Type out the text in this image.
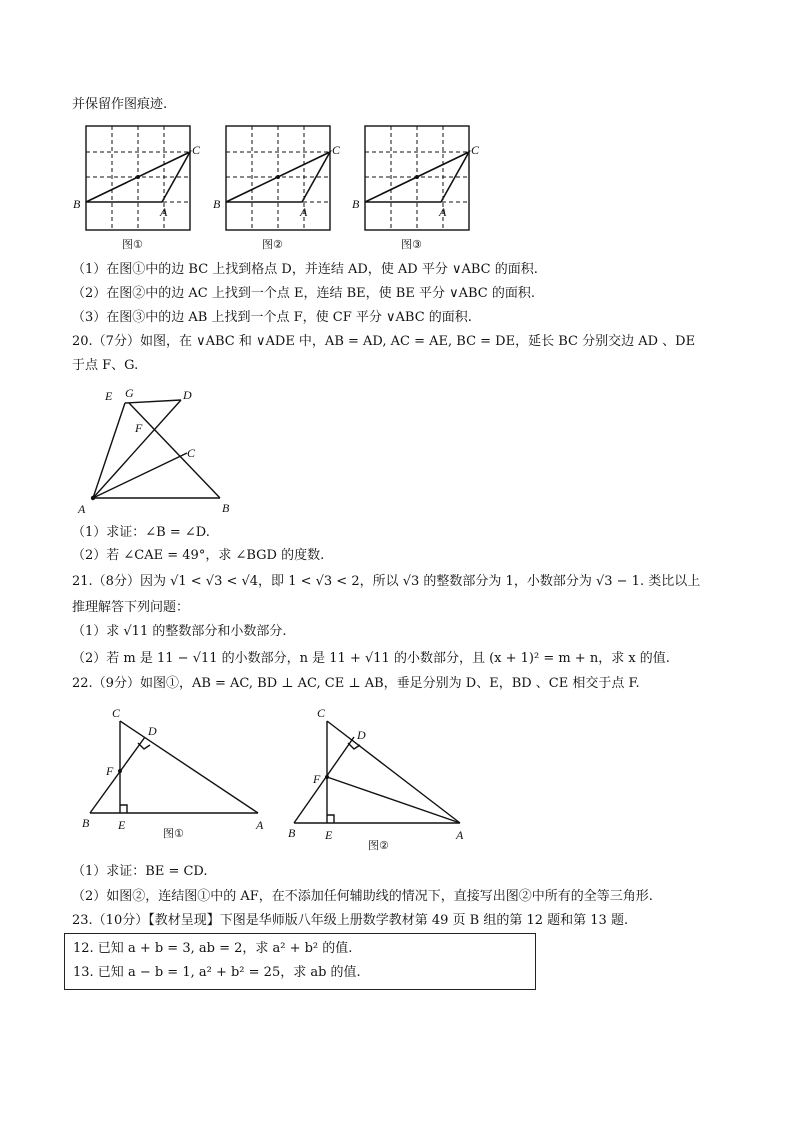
并保留作图痕迹.
B
A
C
图①
B
A
C
图②
B
A
C
图③
（1）在图①中的边 BC 上找到格点 D，并连结 AD，使 AD 平分 ∨ABC 的面积.
（2）在图②中的边 AC 上找到一个点 E，连结 BE，使 BE 平分 ∨ABC 的面积.
（3）在图③中的边 AB 上找到一个点 F，使 CF 平分 ∨ABC 的面积.
20.（7分）如图，在 ∨ABC 和 ∨ADE 中，AB = AD, AC = AE, BC = DE，延长 BC 分别交边 AD 、DE
于点 F、G.
E G	D
F
C
A	B
（1）求证：∠B = ∠D.
（2）若 ∠CAE = 49°，求 ∠BGD 的度数.
21.（8分）因为 √1 < √3 < √4，即 1 < √3 < 2，所以 √3 的整数部分为 1，小数部分为 √3 − 1. 类比以上
推理解答下列问题：
（1）求 √11 的整数部分和小数部分.
（2）若 m 是 11 − √11 的小数部分，n 是 11 + √11 的小数部分，且 (x + 1)² = m + n，求 x 的值.
22.（9分）如图①，AB = AC, BD ⊥ AC, CE ⊥ AB，垂足分别为 D、E，BD 、CE 相交于点 F.
C
D
F
B E	A
图①
C
D
F
B E	A
图②
（1）求证：BE = CD.
（2）如图②，连结图①中的 AF，在不添加任何辅助线的情况下，直接写出图②中所有的全等三角形.
23.（10分）【教材呈现】下图是华师版八年级上册数学教材第 49 页 B 组的第 12 题和第 13 题.
12. 已知 a + b = 3, ab = 2，求 a² + b² 的值.
13. 已知 a − b = 1, a² + b² = 25，求 ab 的值.
